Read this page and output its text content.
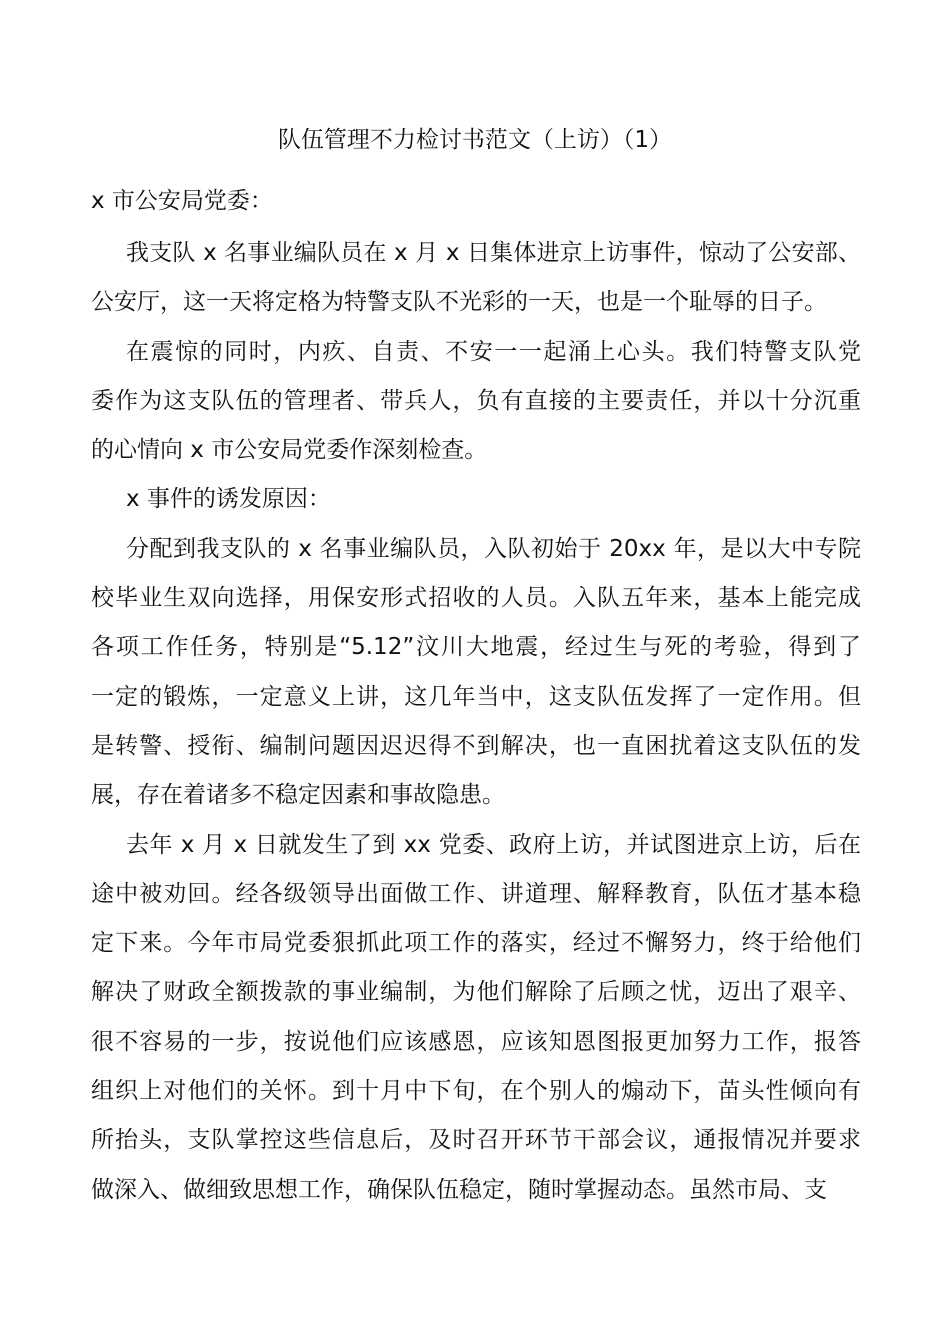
队伍管理不力检讨书范文（上访）（1）
x 市公安局党委：
我支队 x 名事业编队员在 x 月 x 日集体进京上访事件，惊动了公安部、
公安厅，这一天将定格为特警支队不光彩的一天，也是一个耻辱的日子。
在震惊的同时，内疚、自责、不安一一起涌上心头。我们特警支队党
委作为这支队伍的管理者、带兵人，负有直接的主要责任，并以十分沉重
的心情向 x 市公安局党委作深刻检查。
x 事件的诱发原因：
分配到我支队的 x 名事业编队员，入队初始于 20xx 年，是以大中专院
校毕业生双向选择，用保安形式招收的人员。入队五年来，基本上能完成
各项工作任务，特别是“5.12”汶川大地震，经过生与死的考验，得到了
一定的锻炼，一定意义上讲，这几年当中，这支队伍发挥了一定作用。但
是转警、授衔、编制问题因迟迟得不到解决，也一直困扰着这支队伍的发
展，存在着诸多不稳定因素和事故隐患。
去年 x 月 x 日就发生了到 xx 党委、政府上访，并试图进京上访，后在
途中被劝回。经各级领导出面做工作、讲道理、解释教育，队伍才基本稳
定下来。今年市局党委狠抓此项工作的落实，经过不懈努力，终于给他们
解决了财政全额拨款的事业编制，为他们解除了后顾之忧，迈出了艰辛、
很不容易的一步，按说他们应该感恩，应该知恩图报更加努力工作，报答
组织上对他们的关怀。到十月中下旬，在个别人的煽动下，苗头性倾向有
所抬头，支队掌控这些信息后，及时召开环节干部会议，通报情况并要求
做深入、做细致思想工作，确保队伍稳定，随时掌握动态。虽然市局、支
